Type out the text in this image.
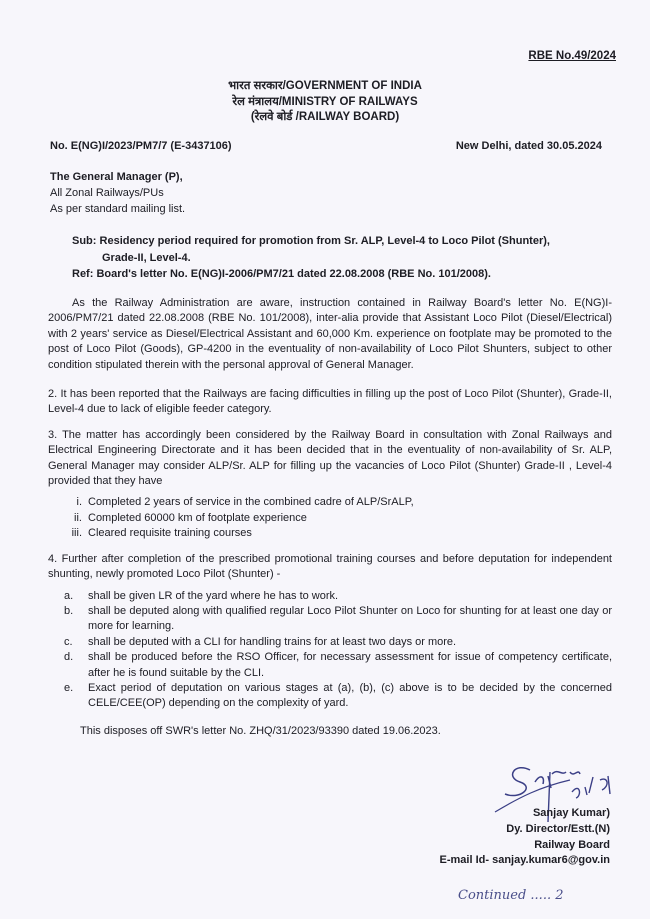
RBE No.49/2024
भारत सरकार/GOVERNMENT OF INDIA
रेल मंत्रालय/MINISTRY OF RAILWAYS
(रेलवे बोर्ड /RAILWAY BOARD)
No. E(NG)I/2023/PM7/7 (E-3437106)	New Delhi, dated 30.05.2024
The General Manager (P),
All Zonal Railways/PUs
As per standard mailing list.
Sub: Residency period required for promotion from Sr. ALP, Level-4 to Loco Pilot (Shunter),
Grade-II, Level-4.
Ref: Board's letter No. E(NG)I-2006/PM7/21 dated 22.08.2008 (RBE No. 101/2008).

As the Railway Administration are aware, instruction contained in Railway Board's letter No. E(NG)I-2006/PM7/21 dated 22.08.2008 (RBE No. 101/2008), inter-alia provide that Assistant Loco Pilot (Diesel/Electrical) with 2 years' service as Diesel/Electrical Assistant and 60,000 Km. experience on footplate may be promoted to the post of Loco Pilot (Goods), GP-4200 in the eventuality of non-availability of Loco Pilot Shunters, subject to other condition stipulated therein with the personal approval of General Manager.

2. It has been reported that the Railways are facing difficulties in filling up the post of Loco Pilot (Shunter), Grade-II, Level-4 due to lack of eligible feeder category.

3. The matter has accordingly been considered by the Railway Board in consultation with Zonal Railways and Electrical Engineering Directorate and it has been decided that in the eventuality of non-availability of Sr. ALP, General Manager may consider ALP/Sr. ALP for filling up the vacancies of Loco Pilot (Shunter) Grade-II , Level-4 provided that they have

i. Completed 2 years of service in the combined cadre of ALP/SrALP,
ii. Completed 60000 km of footplate experience
iii. Cleared requisite training courses

4. Further after completion of the prescribed promotional training courses and before deputation for independent shunting, newly promoted Loco Pilot (Shunter) -

a.	shall be given LR of the yard where he has to work.
b.	shall be deputed along with qualified regular Loco Pilot Shunter on Loco for shunting for at least one day or more for learning.
c.	shall be deputed with a CLI for handling trains for at least two days or more.
d.	shall be produced before the RSO Officer, for necessary assessment for issue of competency certificate, after he is found suitable by the CLI.
e.	Exact period of deputation on various stages at (a), (b), (c) above is to be decided by the concerned CELE/CEE(OP) depending on the complexity of yard.

This disposes off SWR's letter No. ZHQ/31/2023/93390 dated 19.06.2023.

Sanjay Kumar)
Dy. Director/Estt.(N)
Railway Board
E-mail Id- sanjay.kumar6@gov.in
Continued ..... 2
